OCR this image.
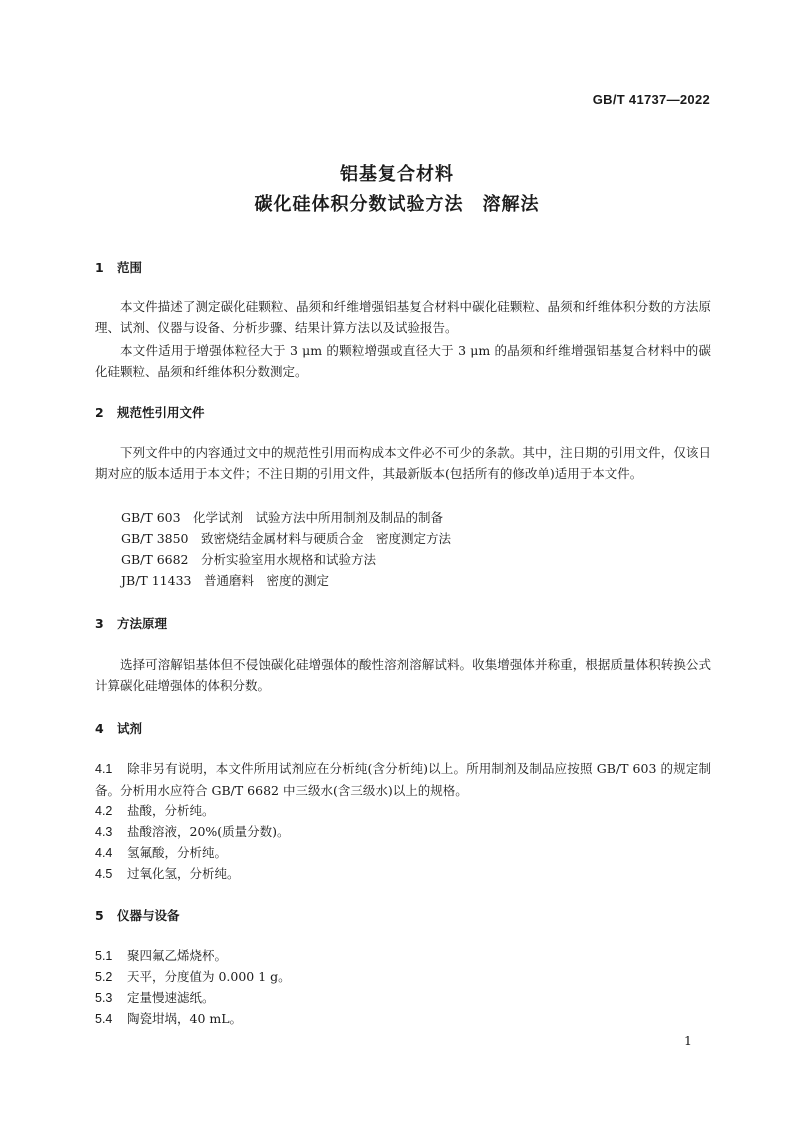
GB/T 41737—2022
铝基复合材料
碳化硅体积分数试验方法　溶解法
1 范围
本文件描述了测定碳化硅颗粒、晶须和纤维增强铝基复合材料中碳化硅颗粒、晶须和纤维体积分数的方法原理、试剂、仪器与设备、分析步骤、结果计算方法以及试验报告。
本文件适用于增强体粒径大于 3 μm 的颗粒增强或直径大于 3 μm 的晶须和纤维增强铝基复合材料中的碳化硅颗粒、晶须和纤维体积分数测定。
2 规范性引用文件
下列文件中的内容通过文中的规范性引用而构成本文件必不可少的条款。其中，注日期的引用文件，仅该日期对应的版本适用于本文件；不注日期的引用文件，其最新版本(包括所有的修改单)适用于本文件。
GB/T 603　化学试剂　试验方法中所用制剂及制品的制备
GB/T 3850　致密烧结金属材料与硬质合金　密度测定方法
GB/T 6682　分析实验室用水规格和试验方法
JB/T 11433　普通磨料　密度的测定
3 方法原理
选择可溶解铝基体但不侵蚀碳化硅增强体的酸性溶剂溶解试料。收集增强体并称重，根据质量体积转换公式计算碳化硅增强体的体积分数。
4 试剂
4.1 除非另有说明，本文件所用试剂应在分析纯(含分析纯)以上。所用制剂及制品应按照 GB/T 603 的规定制备。分析用水应符合 GB/T 6682 中三级水(含三级水)以上的规格。
4.2 盐酸，分析纯。
4.3 盐酸溶液，20%(质量分数)。
4.4 氢氟酸，分析纯。
4.5 过氧化氢，分析纯。
5 仪器与设备
5.1 聚四氟乙烯烧杯。
5.2 天平，分度值为 0.000 1 g。
5.3 定量慢速滤纸。
5.4 陶瓷坩埚，40 mL。
1
